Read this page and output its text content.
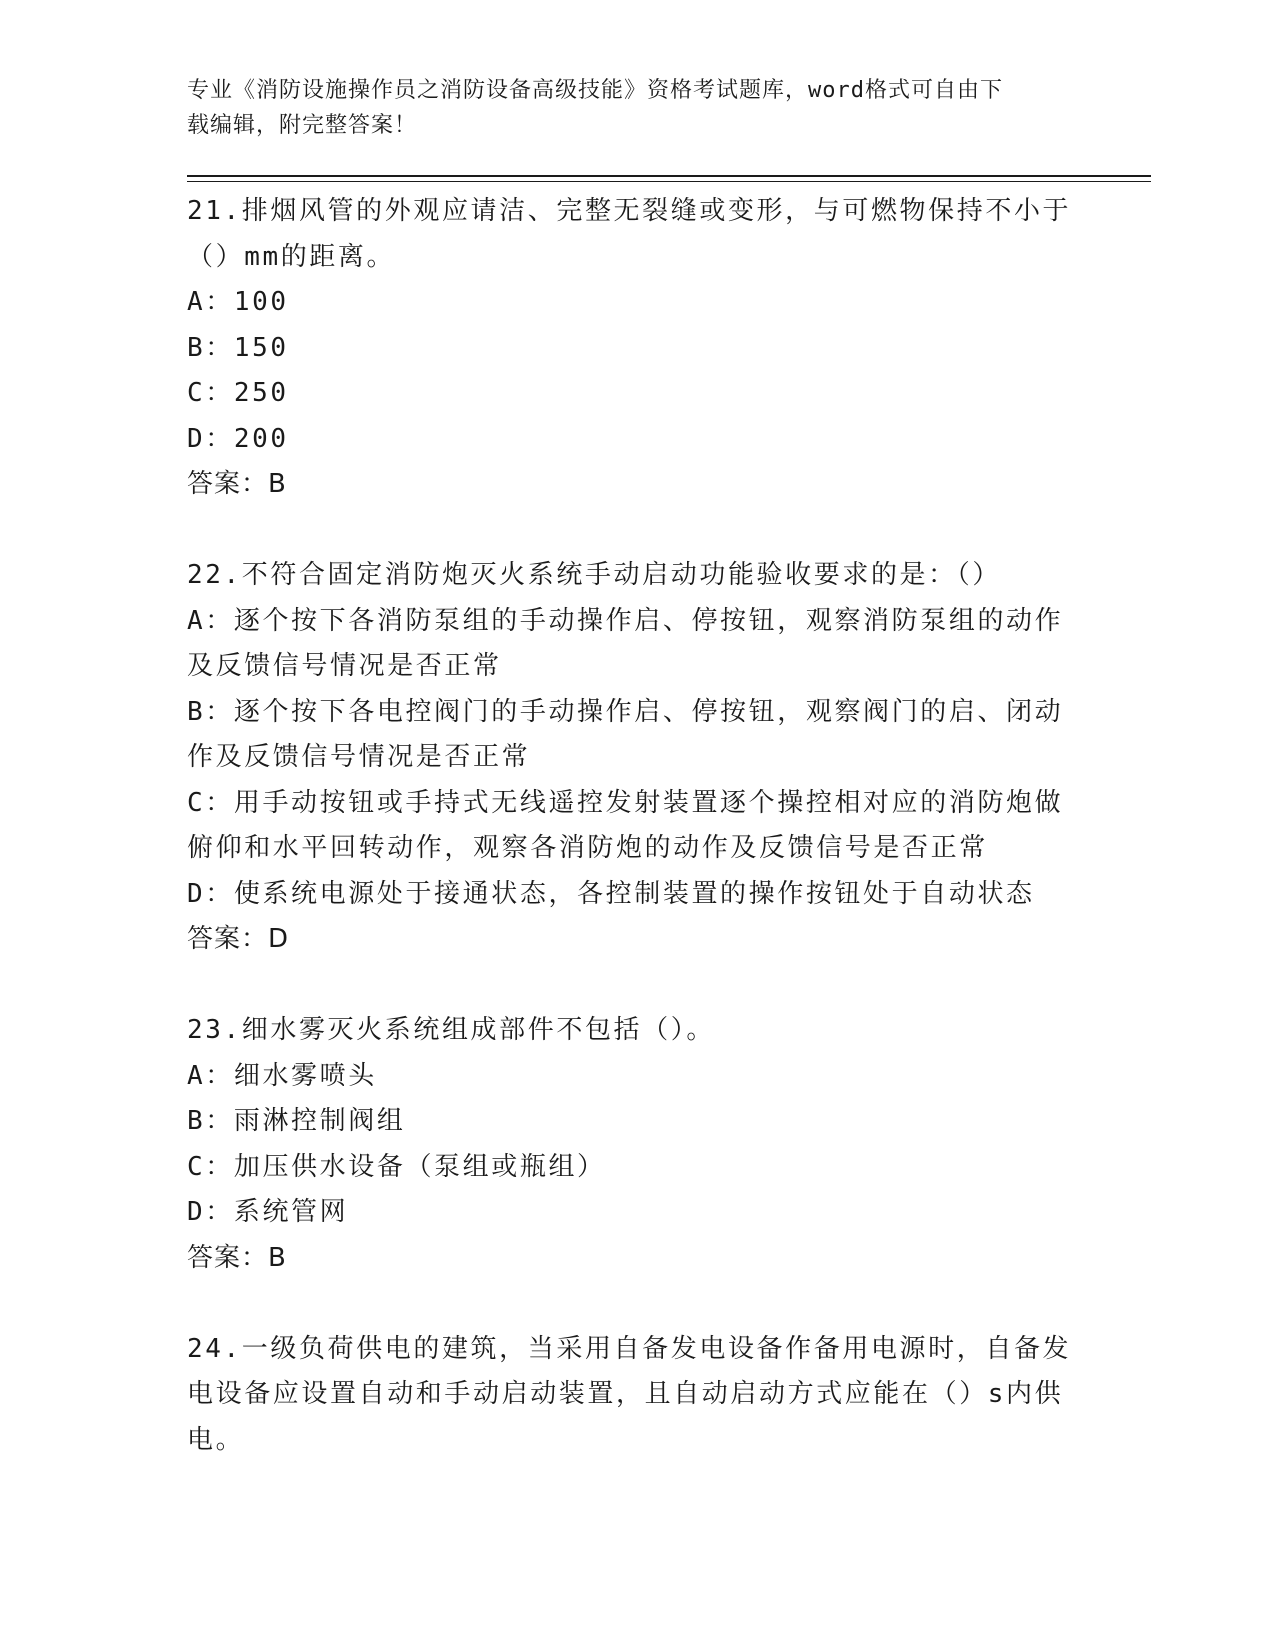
专业《消防设施操作员之消防设备高级技能》资格考试题库，word格式可自由下
载编辑，附完整答案！
21.排烟风管的外观应请洁、完整无裂缝或变形，与可燃物保持不小于
（）mm的距离。
A：100
B：150
C：250
D：200
答案：B
22.不符合固定消防炮灭火系统手动启动功能验收要求的是：（）
A：逐个按下各消防泵组的手动操作启、停按钮，观察消防泵组的动作
及反馈信号情况是否正常
B：逐个按下各电控阀门的手动操作启、停按钮，观察阀门的启、闭动
作及反馈信号情况是否正常
C：用手动按钮或手持式无线遥控发射装置逐个操控相对应的消防炮做
俯仰和水平回转动作，观察各消防炮的动作及反馈信号是否正常
D：使系统电源处于接通状态，各控制装置的操作按钮处于自动状态
答案：D
23.细水雾灭火系统组成部件不包括（）。
A：细水雾喷头
B：雨淋控制阀组
C：加压供水设备（泵组或瓶组）
D：系统管网
答案：B
24.一级负荷供电的建筑，当采用自备发电设备作备用电源时，自备发
电设备应设置自动和手动启动装置，且自动启动方式应能在（）s内供
电。
